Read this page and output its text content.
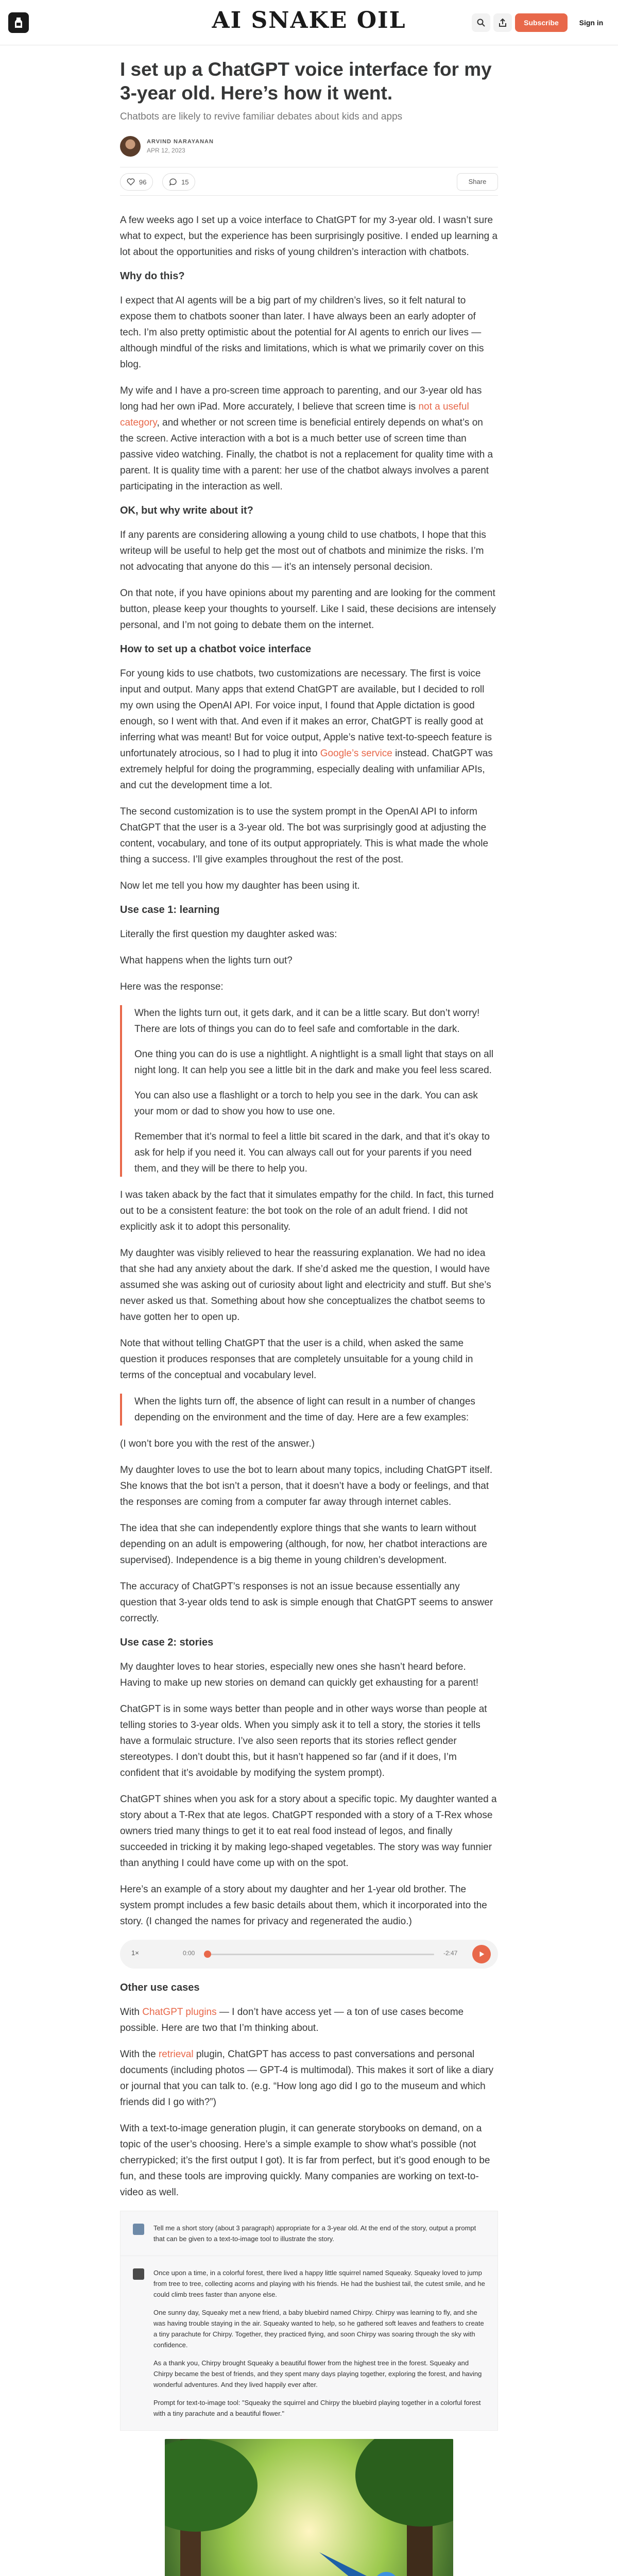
AI SNAKE OIL	Subscribe	Sign in
I set up a ChatGPT voice interface for my 3-year old. Here’s how it went.
Chatbots are likely to revive familiar debates about kids and apps
ARVIND NARAYANAN
APR 12, 2023
96	15	Share

A few weeks ago I set up a voice interface to ChatGPT for my 3-year old. I wasn’t sure what to expect, but the experience has been surprisingly positive. I ended up learning a lot about the opportunities and risks of young children’s interaction with chatbots.

Why do this?

I expect that AI agents will be a big part of my children’s lives, so it felt natural to expose them to chatbots sooner than later. I have always been an early adopter of tech. I’m also pretty optimistic about the potential for AI agents to enrich our lives — although mindful of the risks and limitations, which is what we primarily cover on this blog.

My wife and I have a pro-screen time approach to parenting, and our 3-year old has long had her own iPad. More accurately, I believe that screen time is not a useful category, and whether or not screen time is beneficial entirely depends on what’s on the screen. Active interaction with a bot is a much better use of screen time than passive video watching. Finally, the chatbot is not a replacement for quality time with a parent. It is quality time with a parent: her use of the chatbot always involves a parent participating in the interaction as well.

OK, but why write about it?

If any parents are considering allowing a young child to use chatbots, I hope that this writeup will be useful to help get the most out of chatbots and minimize the risks. I’m not advocating that anyone do this — it’s an intensely personal decision.

On that note, if you have opinions about my parenting and are looking for the comment button, please keep your thoughts to yourself. Like I said, these decisions are intensely personal, and I’m not going to debate them on the internet.

How to set up a chatbot voice interface

For young kids to use chatbots, two customizations are necessary. The first is voice input and output. Many apps that extend ChatGPT are available, but I decided to roll my own using the OpenAI API. For voice input, I found that Apple dictation is good enough, so I went with that. And even if it makes an error, ChatGPT is really good at inferring what was meant! But for voice output, Apple’s native text-to-speech feature is unfortunately atrocious, so I had to plug it into Google’s service instead. ChatGPT was extremely helpful for doing the programming, especially dealing with unfamiliar APIs, and cut the development time a lot.

The second customization is to use the system prompt in the OpenAI API to inform ChatGPT that the user is a 3-year old. The bot was surprisingly good at adjusting the content, vocabulary, and tone of its output appropriately. This is what made the whole thing a success. I’ll give examples throughout the rest of the post.

Now let me tell you how my daughter has been using it.

Use case 1: learning

Literally the first question my daughter asked was:

What happens when the lights turn out?

Here was the response:

When the lights turn out, it gets dark, and it can be a little scary. But don’t worry! There are lots of things you can do to feel safe and comfortable in the dark.

One thing you can do is use a nightlight. A nightlight is a small light that stays on all night long. It can help you see a little bit in the dark and make you feel less scared.

You can also use a flashlight or a torch to help you see in the dark. You can ask your mom or dad to show you how to use one.

Remember that it’s normal to feel a little bit scared in the dark, and that it’s okay to ask for help if you need it. You can always call out for your parents if you need them, and they will be there to help you.

I was taken aback by the fact that it simulates empathy for the child. In fact, this turned out to be a consistent feature: the bot took on the role of an adult friend. I did not explicitly ask it to adopt this personality.

My daughter was visibly relieved to hear the reassuring explanation. We had no idea that she had any anxiety about the dark. If she’d asked me the question, I would have assumed she was asking out of curiosity about light and electricity and stuff. But she’s never asked us that. Something about how she conceptualizes the chatbot seems to have gotten her to open up.

Note that without telling ChatGPT that the user is a child, when asked the same question it produces responses that are completely unsuitable for a young child in terms of the conceptual and vocabulary level.

When the lights turn off, the absence of light can result in a number of changes depending on the environment and the time of day. Here are a few examples:

(I won’t bore you with the rest of the answer.)

My daughter loves to use the bot to learn about many topics, including ChatGPT itself. She knows that the bot isn’t a person, that it doesn’t have a body or feelings, and that the responses are coming from a computer far away through internet cables.

The idea that she can independently explore things that she wants to learn without depending on an adult is empowering (although, for now, her chatbot interactions are supervised). Independence is a big theme in young children’s development.

The accuracy of ChatGPT’s responses is not an issue because essentially any question that 3-year olds tend to ask is simple enough that ChatGPT seems to answer correctly.

Use case 2: stories

My daughter loves to hear stories, especially new ones she hasn’t heard before. Having to make up new stories on demand can quickly get exhausting for a parent!

ChatGPT is in some ways better than people and in other ways worse than people at telling stories to 3-year olds. When you simply ask it to tell a story, the stories it tells have a formulaic structure. I’ve also seen reports that its stories reflect gender stereotypes. I don’t doubt this, but it hasn’t happened so far (and if it does, I’m confident that it’s avoidable by modifying the system prompt).

ChatGPT shines when you ask for a story about a specific topic. My daughter wanted a story about a T-Rex that ate legos. ChatGPT responded with a story of a T-Rex whose owners tried many things to get it to eat real food instead of legos, and finally succeeded in tricking it by making lego-shaped vegetables. The story was way funnier than anything I could have come up with on the spot.

Here’s an example of a story about my daughter and her 1-year old brother. The system prompt includes a few basic details about them, which it incorporated into the story. (I changed the names for privacy and regenerated the audio.)

1×	0:00	-2:47
Other use cases

With ChatGPT plugins — I don’t have access yet — a ton of use cases become possible. Here are two that I’m thinking about.

With the retrieval plugin, ChatGPT has access to past conversations and personal documents (including photos — GPT-4 is multimodal). This makes it sort of like a diary or journal that you can talk to. (e.g. “How long ago did I go to the museum and which friends did I go with?”)

With a text-to-image generation plugin, it can generate storybooks on demand, on a topic of the user’s choosing. Here’s a simple example to show what’s possible (not cherrypicked; it’s the first output I got). It is far from perfect, but it’s good enough to be fun, and these tools are improving quickly. Many companies are working on text-to-video as well.

Tell me a short story (about 3 paragraph) appropriate for a 3-year old. At the end of the story, output a prompt that can be given to a text-to-image tool to illustrate the story.

Once upon a time, in a colorful forest, there lived a happy little squirrel named Squeaky. Squeaky loved to jump from tree to tree, collecting acorns and playing with his friends. He had the bushiest tail, the cutest smile, and he could climb trees faster than anyone else.

One sunny day, Squeaky met a new friend, a baby bluebird named Chirpy. Chirpy was learning to fly, and she was having trouble staying in the air. Squeaky wanted to help, so he gathered soft leaves and feathers to create a tiny parachute for Chirpy. Together, they practiced flying, and soon Chirpy was soaring through the sky with confidence.

As a thank you, Chirpy brought Squeaky a beautiful flower from the highest tree in the forest. Squeaky and Chirpy became the best of friends, and they spent many days playing together, exploring the forest, and having wonderful adventures. And they lived happily ever after.

Prompt for text-to-image tool: "Squeaky the squirrel and Chirpy the bluebird playing together in a colorful forest with a tiny parachute and a beautiful flower."
